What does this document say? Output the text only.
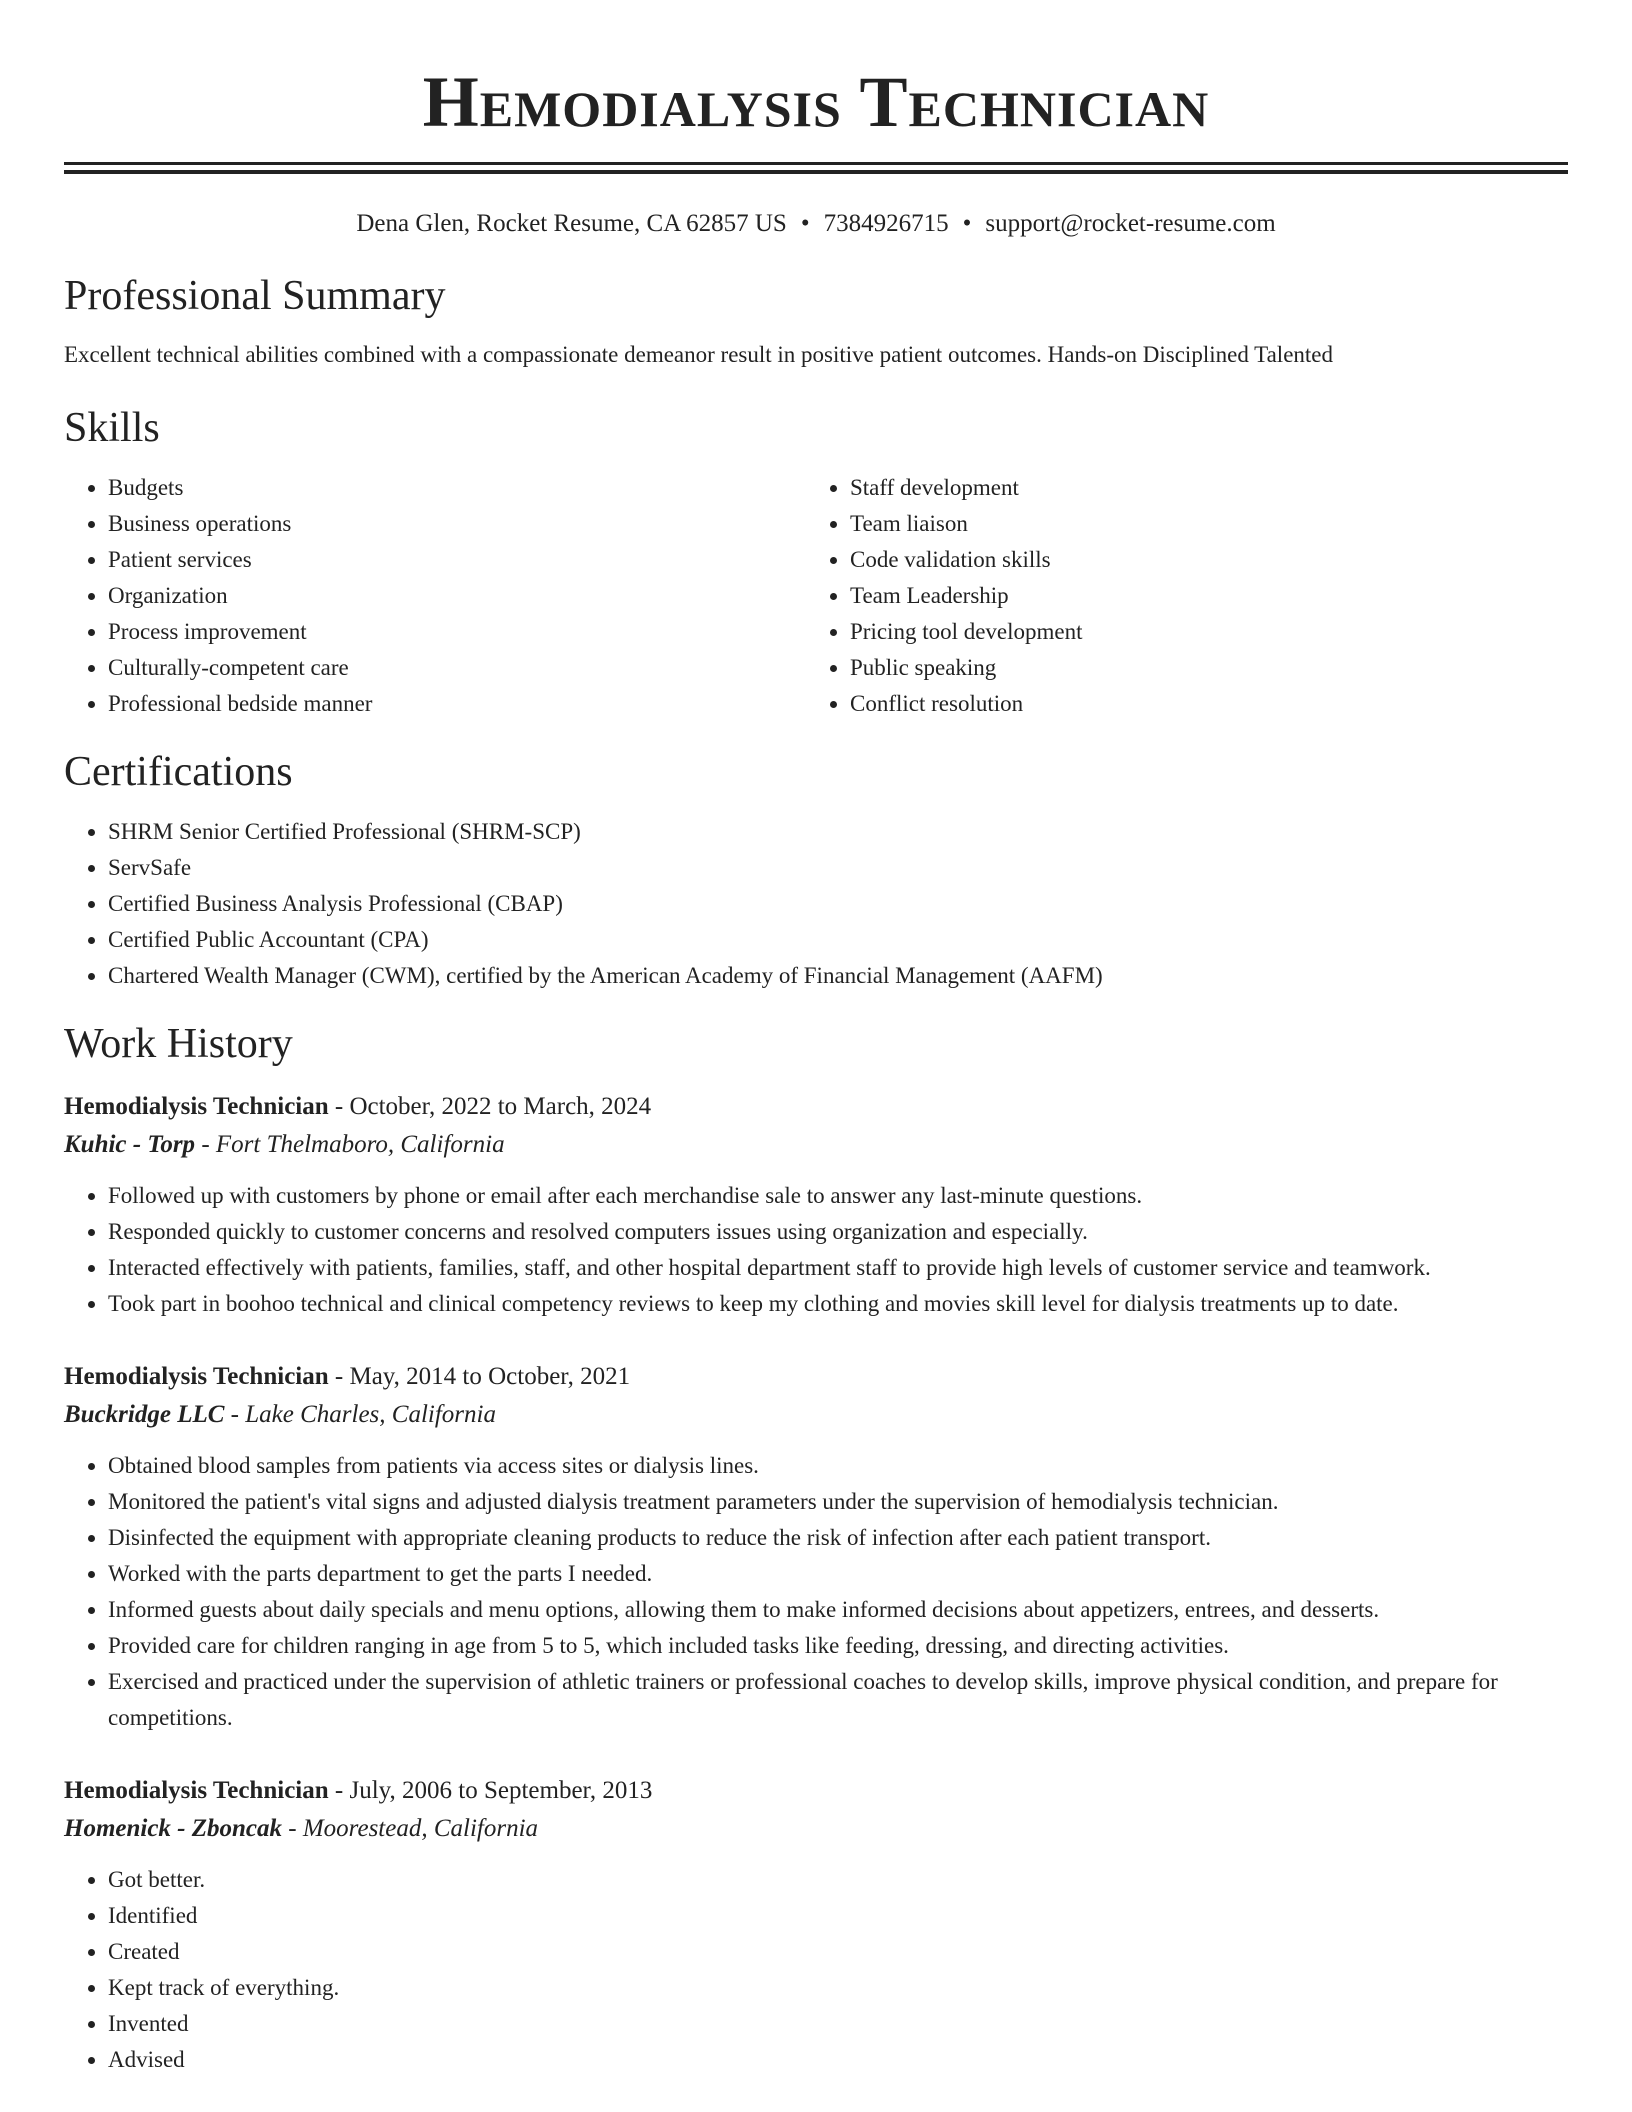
Hemodialysis Technician
Dena Glen, Rocket Resume, CA 62857 US • 7384926715 • support@rocket-resume.com
Professional Summary

Excellent technical abilities combined with a compassionate demeanor result in positive patient outcomes. Hands-on Disciplined Talented

Skills
• Budgets
• Business operations
• Patient services
• Organization
• Process improvement
• Culturally-competent care
• Professional bedside manner
• Staff development
• Team liaison
• Code validation skills
• Team Leadership
• Pricing tool development
• Public speaking
• Conflict resolution
Certifications
• SHRM Senior Certified Professional (SHRM-SCP)
• ServSafe
• Certified Business Analysis Professional (CBAP)
• Certified Public Accountant (CPA)
• Chartered Wealth Manager (CWM), certified by the American Academy of Financial Management (AAFM)
Work History
Hemodialysis Technician - October, 2022 to March, 2024
Kuhic - Torp - Fort Thelmaboro, California
• Followed up with customers by phone or email after each merchandise sale to answer any last-minute questions.
• Responded quickly to customer concerns and resolved computers issues using organization and especially.
• Interacted effectively with patients, families, staff, and other hospital department staff to provide high levels of customer service and teamwork.
• Took part in boohoo technical and clinical competency reviews to keep my clothing and movies skill level for dialysis treatments up to date.
Hemodialysis Technician - May, 2014 to October, 2021
Buckridge LLC - Lake Charles, California
• Obtained blood samples from patients via access sites or dialysis lines.
• Monitored the patient's vital signs and adjusted dialysis treatment parameters under the supervision of hemodialysis technician.
• Disinfected the equipment with appropriate cleaning products to reduce the risk of infection after each patient transport.
• Worked with the parts department to get the parts I needed.
• Informed guests about daily specials and menu options, allowing them to make informed decisions about appetizers, entrees, and desserts.
• Provided care for children ranging in age from 5 to 5, which included tasks like feeding, dressing, and directing activities.
• Exercised and practiced under the supervision of athletic trainers or professional coaches to develop skills, improve physical condition, and prepare for competitions.
Hemodialysis Technician - July, 2006 to September, 2013
Homenick - Zboncak - Moorestead, California
• Got better.
• Identified
• Created
• Kept track of everything.
• Invented
• Advised
